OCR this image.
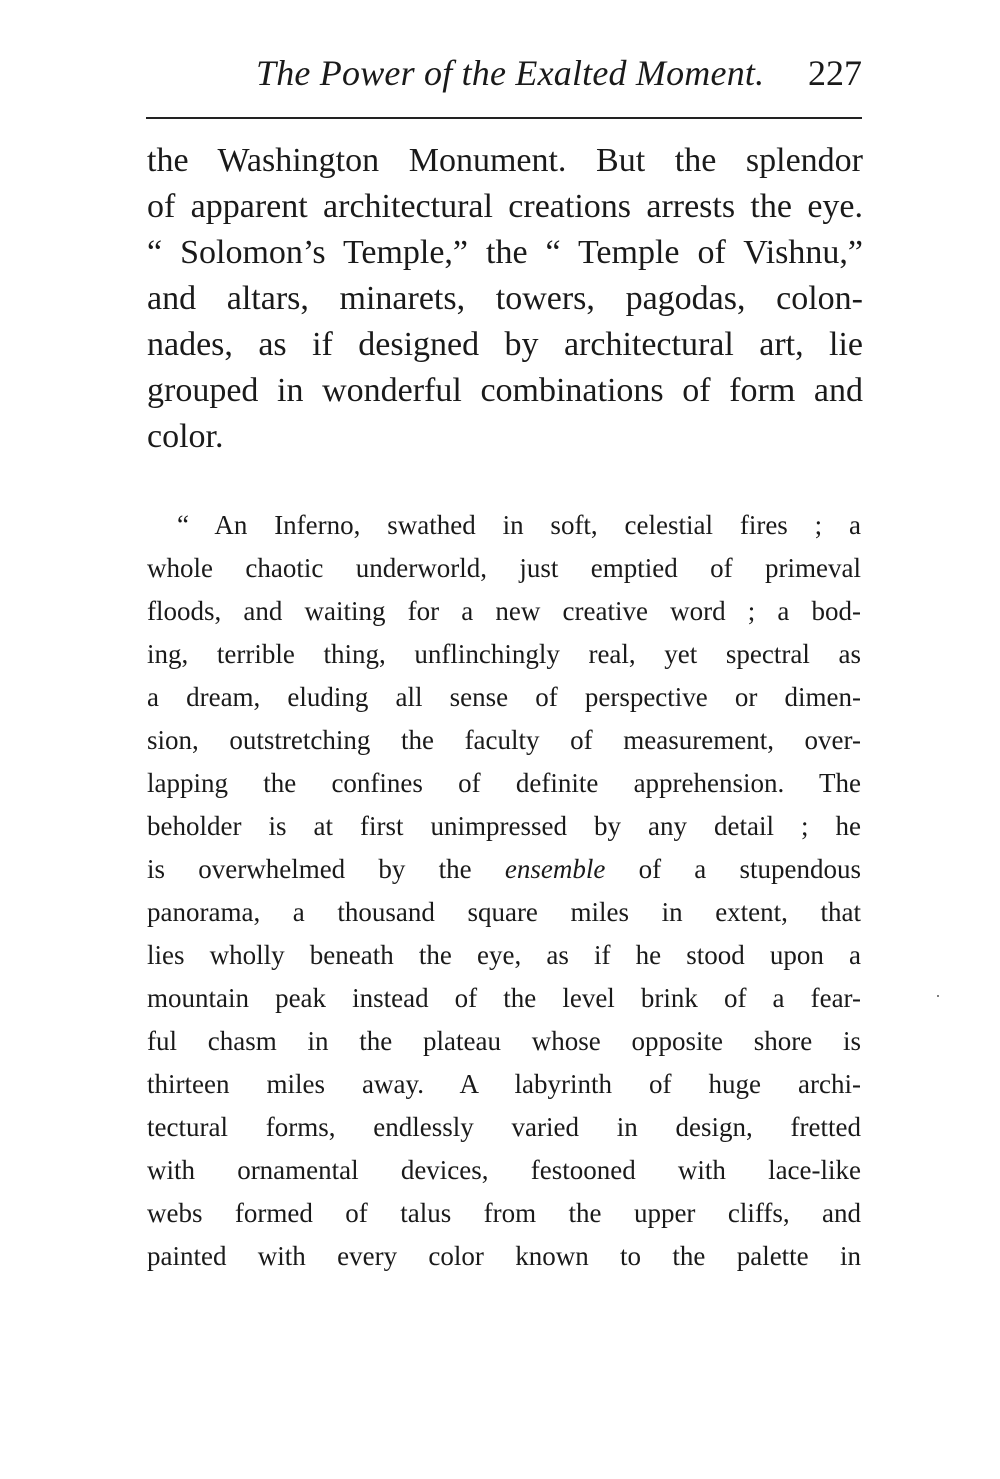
The Power of the Exalted Moment. 227
the Washington Monument. But the splendor
of apparent architectural creations arrests the eye.
“ Solomon’s Temple,” the “ Temple of Vishnu,”
and altars, minarets, towers, pagodas, colon-
nades, as if designed by architectural art, lie
grouped in wonderful combinations of form and
color.
“ An Inferno, swathed in soft, celestial fires ; a
whole chaotic underworld, just emptied of primeval
floods, and waiting for a new creative word ; a bod-
ing, terrible thing, unflinchingly real, yet spectral as
a dream, eluding all sense of perspective or dimen-
sion, outstretching the faculty of measurement, over-
lapping the confines of definite apprehension. The
beholder is at first unimpressed by any detail ; he
is overwhelmed by the ensemble of a stupendous
panorama, a thousand square miles in extent, that
lies wholly beneath the eye, as if he stood upon a
mountain peak instead of the level brink of a fear-
ful chasm in the plateau whose opposite shore is
thirteen miles away. A labyrinth of huge archi-
tectural forms, endlessly varied in design, fretted
with ornamental devices, festooned with lace-like
webs formed of talus from the upper cliffs, and
painted with every color known to the palette in
